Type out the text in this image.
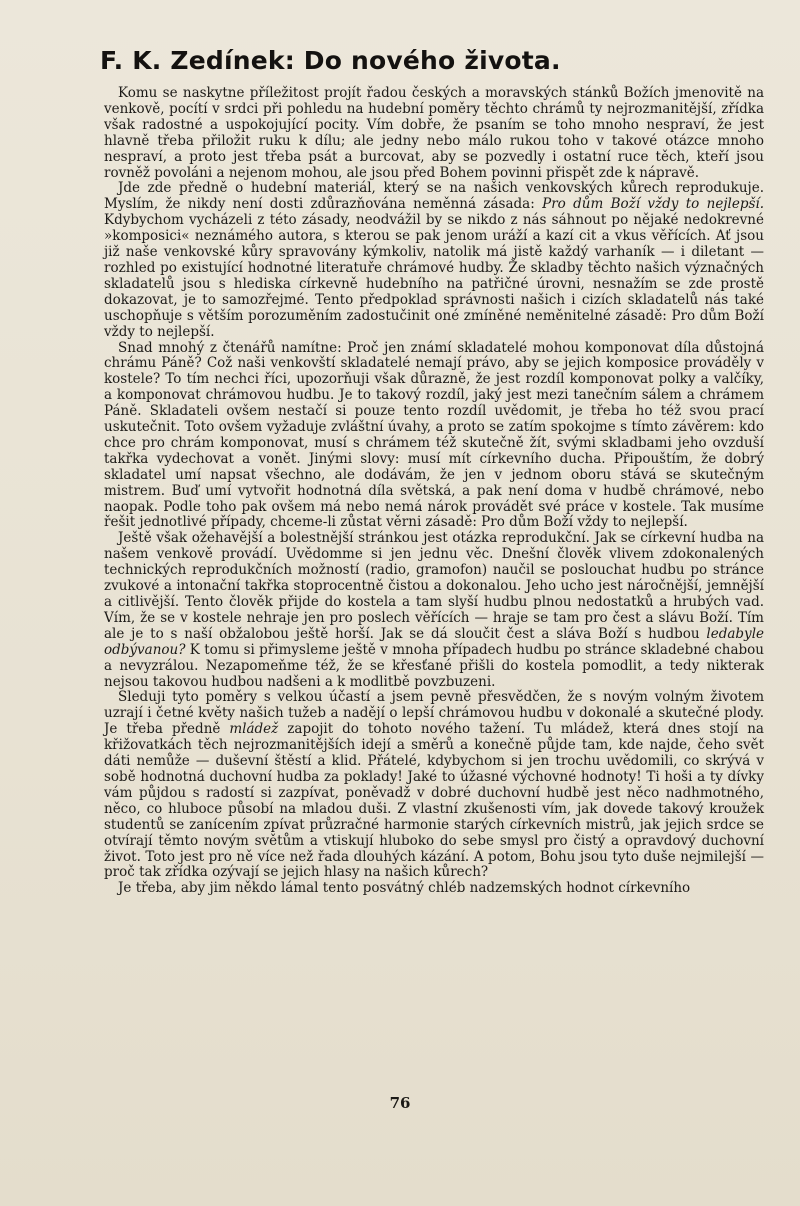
F. K. Zedínek: Do nového života.

Komu se naskytne příležitost projít řadou českých a moravských stánků Božích jmenovitě na venkově, pocítí v srdci při pohledu na hudební poměry těchto chrámů ty nejrozmanitější, zřídka však radostné a uspokojující pocity. Vím dobře, že psaním se toho mnoho nespraví, že jest hlavně třeba přiložit ruku k dílu; ale jedny nebo málo rukou toho v takové otázce mnoho nespraví, a proto jest třeba psát a burcovat, aby se pozvedly i ostatní ruce těch, kteří jsou rovněž povoláni a nejenom mohou, ale jsou před Bohem povinni přispět zde k nápravě.

Jde zde předně o hudební materiál, který se na našich venkovských kůrech reprodukuje. Myslím, že nikdy není dosti zdůrazňována neměnná zásada: Pro dům Boží vždy to nejlepší. Kdybychom vycházeli z této zásady, neodvážil by se nikdo z nás sáhnout po nějaké nedokrevné »komposici« neznámého autora, s kterou se pak jenom uráží a kazí cit a vkus věřících. Ať jsou již naše venkovské kůry spravovány kýmkoliv, natolik má jistě každý varhaník — i diletant — rozhled po existující hodnotné literatuře chrámové hudby. Že skladby těchto našich význačných skladatelů jsou s hlediska církevně hudebního na patřičné úrovni, nesnažím se zde prostě dokazovat, je to samozřejmé. Tento předpoklad správnosti našich i cizích skladatelů nás také uschopňuje s větším porozuměním zadostučinit oné zmíněné neměnitelné zásadě: Pro dům Boží vždy to nejlepší.

Snad mnohý z čtenářů namítne: Proč jen známí skladatelé mohou komponovat díla důstojná chrámu Páně? Což naši venkovští skladatelé nemají právo, aby se jejich komposice prováděly v kostele? To tím nechci říci, upozorňuji však důrazně, že jest rozdíl komponovat polky a valčíky, a komponovat chrámovou hudbu. Je to takový rozdíl, jaký jest mezi tanečním sálem a chrámem Páně. Skladateli ovšem nestačí si pouze tento rozdíl uvědomit, je třeba ho též svou prací uskutečnit. Toto ovšem vyžaduje zvláštní úvahy, a proto se zatím spokojme s tímto závěrem: kdo chce pro chrám komponovat, musí s chrámem též skutečně žít, svými skladbami jeho ovzduší takřka vydechovat a vonět. Jinými slovy: musí mít církevního ducha. Připouštím, že dobrý skladatel umí napsat všechno, ale dodávám, že jen v jednom oboru stává se skutečným mistrem. Buď umí vytvořit hodnotná díla světská, a pak není doma v hudbě chrámové, nebo naopak. Podle toho pak ovšem má nebo nemá nárok provádět své práce v kostele. Tak musíme řešit jednotlivé případy, chceme-li zůstat věrni zásadě: Pro dům Boží vždy to nejlepší.

Ještě však ožehavější a bolestnější stránkou jest otázka reprodukční. Jak se církevní hudba na našem venkově provádí. Uvědomme si jen jednu věc. Dnešní člověk vlivem zdokonalených technických reprodukčních možností (radio, gramofon) naučil se poslouchat hudbu po stránce zvukové a intonační takřka stoprocentně čistou a dokonalou. Jeho ucho jest náročnější, jemnější a citlivější. Tento člověk přijde do kostela a tam slyší hudbu plnou nedostatků a hrubých vad. Vím, že se v kostele nehraje jen pro poslech věřících — hraje se tam pro čest a slávu Boží. Tím ale je to s naší obžalobou ještě horší. Jak se dá sloučit čest a sláva Boží s hudbou ledabyle odbývanou? K tomu si přimysleme ještě v mnoha případech hudbu po stránce skladebné chabou a nevyzrálou. Nezapomeňme též, že se křesťané přišli do kostela pomodlit, a tedy nikterak nejsou takovou hudbou nadšeni a k modlitbě povzbuzeni.

Sleduji tyto poměry s velkou účastí a jsem pevně přesvědčen, že s novým volným životem uzrají i četné květy našich tužeb a nadějí o lepší chrámovou hudbu v dokonalé a skutečné plody. Je třeba předně mládež zapojit do tohoto nového tažení. Tu mládež, která dnes stojí na křižovatkách těch nejrozmanitějších idejí a směrů a konečně půjde tam, kde najde, čeho svět dáti nemůže — duševní štěstí a klid. Přátelé, kdybychom si jen trochu uvědomili, co skrývá v sobě hodnotná duchovní hudba za poklady! Jaké to úžasné výchovné hodnoty! Ti hoši a ty dívky vám půjdou s radostí si zazpívat, poněvadž v dobré duchovní hudbě jest něco nadhmotného, něco, co hluboce působí na mladou duši. Z vlastní zkušenosti vím, jak dovede takový kroužek studentů se zanícením zpívat průzračné harmonie starých církevních mistrů, jak jejich srdce se otvírají těmto novým světům a vtiskují hluboko do sebe smysl pro čistý a opravdový duchovní život. Toto jest pro ně více než řada dlouhých kázání. A potom, Bohu jsou tyto duše nejmilejší — proč tak zřídka ozývají se jejich hlasy na našich kůrech?

Je třeba, aby jim někdo lámal tento posvátný chléb nadzemských hodnot církevního

76
